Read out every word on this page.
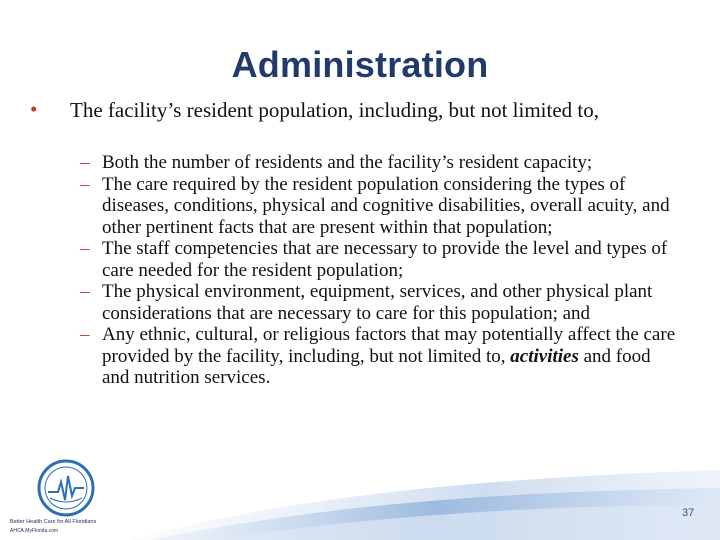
Administration
• The facility’s resident population, including, but not limited to,
– Both the number of residents and the facility’s resident capacity;
– The care required by the resident population considering the types of diseases, conditions, physical and cognitive disabilities, overall acuity, and other pertinent facts that are present within that population;
– The staff competencies that are necessary to provide the level and types of care needed for the resident population;
– The physical environment, equipment, services, and other physical plant considerations that are necessary to care for this population; and
– Any ethnic, cultural, or religious factors that may potentially affect the care provided by the facility, including, but not limited to, activities and food and nutrition services.
Better Health Care for All Floridians
AHCA.MyFlorida.com
37
